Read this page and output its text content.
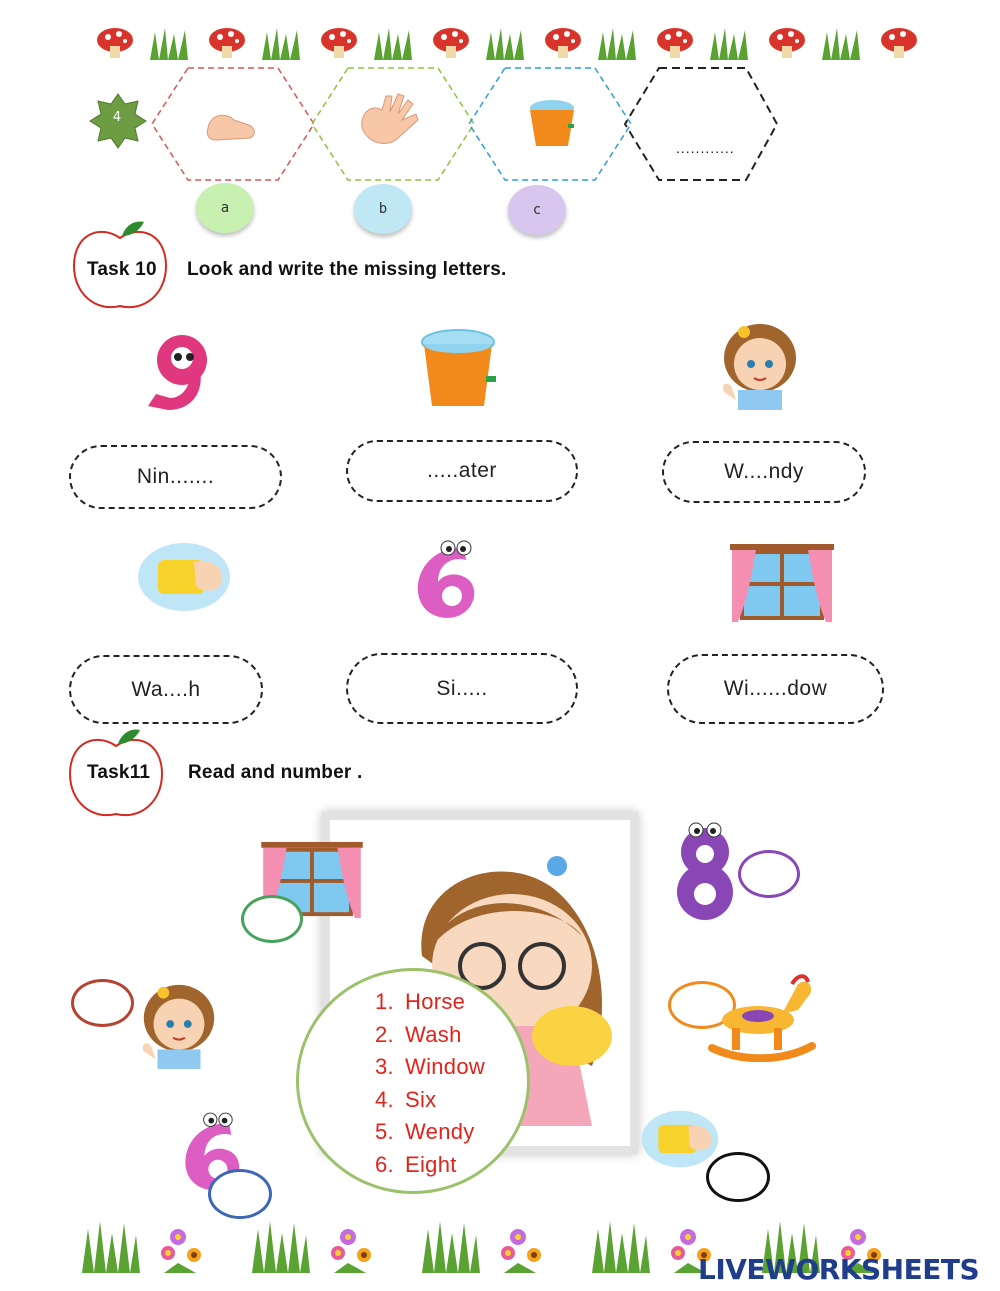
4
............
a	b	c
Task 10 Look and write the missing letters.
Nin.......	.....ater	W....ndy
Wa....h	Si.....	Wi......dow
Task11 Read and number .
1. Horse
2. Wash
3. Window
4. Six
5. Wendy
6. Eight
LIVEWORKSHEETS
